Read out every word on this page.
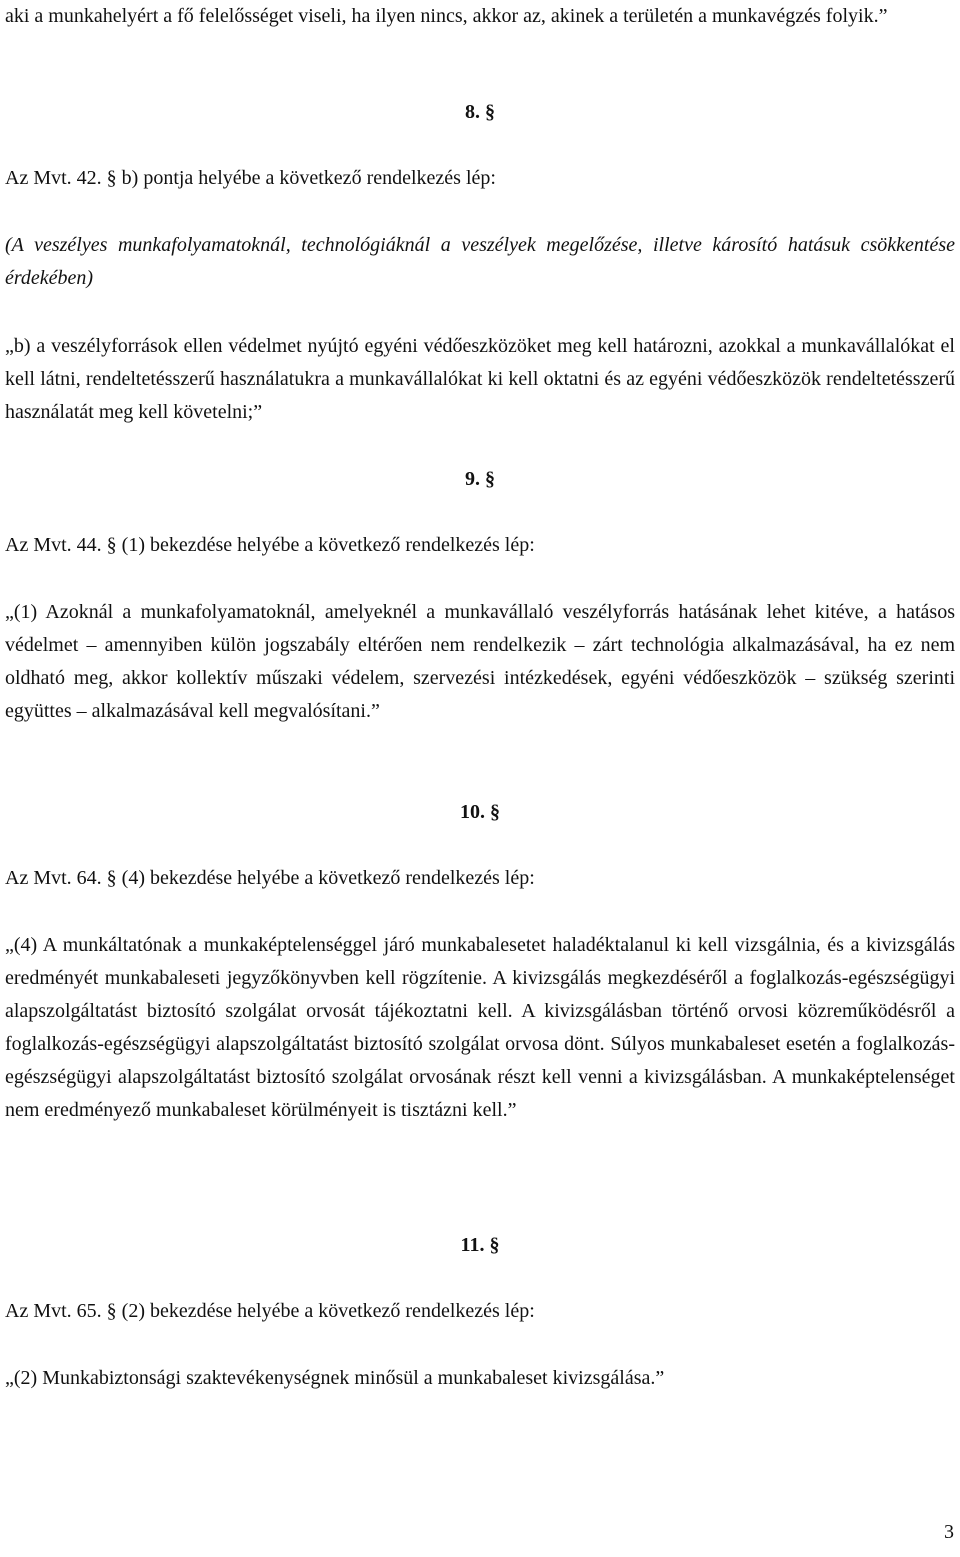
aki a munkahelyért a fő felelősséget viseli, ha ilyen nincs, akkor az, akinek a területén a munkavégzés folyik.”

8. §

Az Mvt. 42. § b) pontja helyébe a következő rendelkezés lép:

(A veszélyes munkafolyamatoknál, technológiáknál a veszélyek megelőzése, illetve károsító hatásuk csökkentése érdekében)

„b) a veszélyforrások ellen védelmet nyújtó egyéni védőeszközöket meg kell határozni, azokkal a munkavállalókat el kell látni, rendeltetésszerű használatukra a munkavállalókat ki kell oktatni és az egyéni védőeszközök rendeltetésszerű használatát meg kell követelni;”

9. §

Az Mvt. 44. § (1) bekezdése helyébe a következő rendelkezés lép:

„(1) Azoknál a munkafolyamatoknál, amelyeknél a munkavállaló veszélyforrás hatásának lehet kitéve, a hatásos védelmet – amennyiben külön jogszabály eltérően nem rendelkezik – zárt technológia alkalmazásával, ha ez nem oldható meg, akkor kollektív műszaki védelem, szervezési intézkedések, egyéni védőeszközök – szükség szerinti együttes – alkalmazásával kell megvalósítani.”

10. §

Az Mvt. 64. § (4) bekezdése helyébe a következő rendelkezés lép:

„(4) A munkáltatónak a munkaképtelenséggel járó munkabalesetet haladéktalanul ki kell vizsgálnia, és a kivizsgálás eredményét munkabaleseti jegyzőkönyvben kell rögzítenie. A kivizsgálás megkezdéséről a foglalkozás-egészségügyi alapszolgáltatást biztosító szolgálat orvosát tájékoztatni kell. A kivizsgálásban történő orvosi közreműködésről a foglalkozás-egészségügyi alapszolgáltatást biztosító szolgálat orvosa dönt. Súlyos munkabaleset esetén a foglalkozás-egészségügyi alapszolgáltatást biztosító szolgálat orvosának részt kell venni a kivizsgálásban. A munkaképtelenséget nem eredményező munkabaleset körülményeit is tisztázni kell.”

11. §

Az Mvt. 65. § (2) bekezdése helyébe a következő rendelkezés lép:

„(2) Munkabiztonsági szaktevékenységnek minősül a munkabaleset kivizsgálása.”

3
